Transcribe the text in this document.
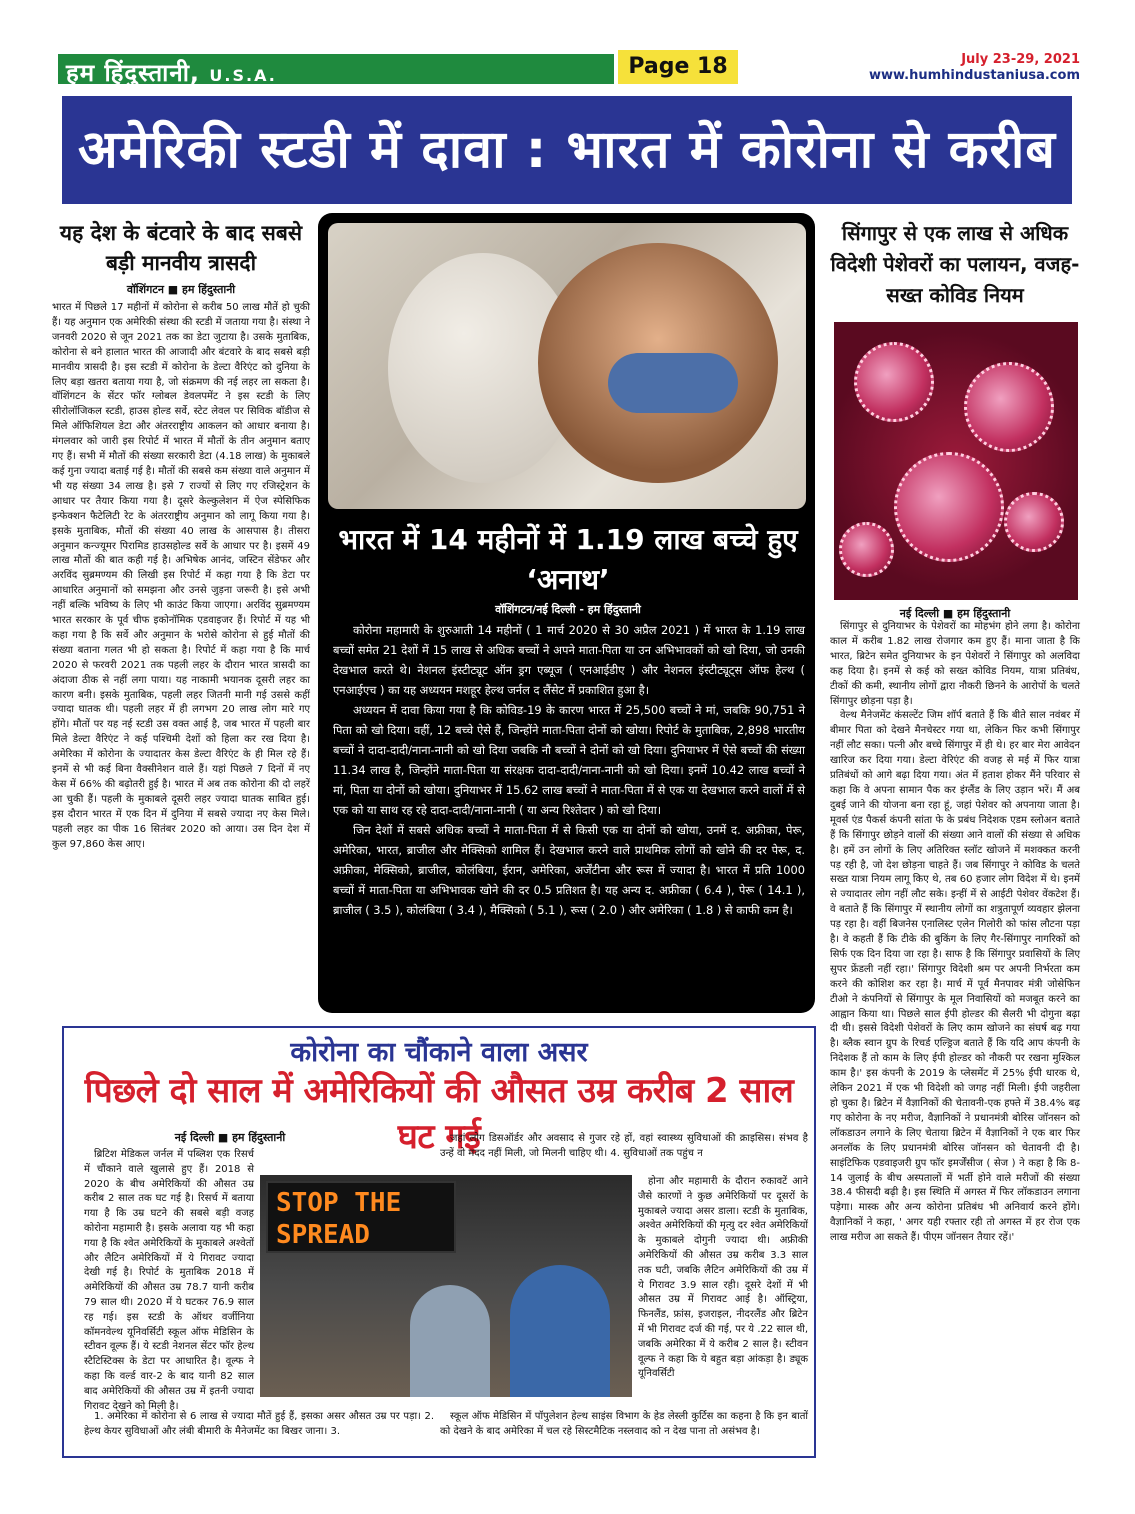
हम हिंदुस्तानी, U.S.A.	Page 18	July 23-29, 2021
www.humhindustaniusa.com
अमेरिकी स्टडी में दावा : भारत में कोरोना से करीब
यह देश के बंटवारे के बाद सबसे बड़ी मानवीय त्रासदी
वॉशिंगटन ■ हम हिंदुस्तानी

भारत में पिछले 17 महीनों में कोरोना से करीब 50 लाख मौतें हो चुकी हैं। यह अनुमान एक अमेरिकी संस्था की स्टडी में जताया गया है। संस्था ने जनवरी 2020 से जून 2021 तक का डेटा जुटाया है। उसके मुताबिक, कोरोना से बने हालात भारत की आजादी और बंटवारे के बाद सबसे बड़ी मानवीय त्रासदी है। इस स्टडी में कोरोना के डेल्टा वैरिएंट को दुनिया के लिए बड़ा खतरा बताया गया है, जो संक्रमण की नई लहर ला सकता है। वॉशिंगटन के सेंटर फॉर ग्लोबल डेवलपमेंट ने इस स्टडी के लिए सीरोलॉजिकल स्टडी, हाउस होल्ड सर्वे, स्टेट लेवल पर सिविक बॉडीज से मिले ऑफिशियल डेटा और अंतरराष्ट्रीय आकलन को आधार बनाया है। मंगलवार को जारी इस रिपोर्ट में भारत में मौतों के तीन अनुमान बताए गए हैं। सभी में मौतों की संख्या सरकारी डेटा (4.18 लाख) के मुकाबले कई गुना ज्यादा बताई गई है। मौतों की सबसे कम संख्या वाले अनुमान में भी यह संख्या 34 लाख है। इसे 7 राज्यों से लिए गए रजिस्ट्रेशन के आधार पर तैयार किया गया है। दूसरे केल्कुलेशन में ऐज स्पेसिफिक इन्फेक्शन फैटेलिटी रेट के अंतरराष्ट्रीय अनुमान को लागू किया गया है। इसके मुताबिक, मौतों की संख्या 40 लाख के आसपास है। तीसरा अनुमान कन्ज्यूमर पिरामिड हाउसहोल्ड सर्वे के आधार पर है। इसमें 49 लाख मौतों की बात कही गई है। अभिषेक आनंद, जस्टिन सेंडेफर और अरविंद सुब्रमण्यम की लिखी इस रिपोर्ट में कहा गया है कि डेटा पर आधारित अनुमानों को समझना और उनसे जुड़ना जरूरी है। इसे अभी नहीं बल्कि भविष्य के लिए भी काउंट किया जाएगा। अरविंद सुब्रमण्यम भारत सरकार के पूर्व चीफ इकोनॉमिक एडवाइजर हैं। रिपोर्ट में यह भी कहा गया है कि सर्वे और अनुमान के भरोसे कोरोना से हुई मौतों की संख्या बताना गलत भी हो सकता है। रिपोर्ट में कहा गया है कि मार्च 2020 से फरवरी 2021 तक पहली लहर के दौरान भारत त्रासदी का अंदाजा ठीक से नहीं लगा पाया। यह नाकामी भयानक दूसरी लहर का कारण बनी। इसके मुताबिक, पहली लहर जितनी मानी गई उससे कहीं ज्यादा घातक थी। पहली लहर में ही लगभग 20 लाख लोग मारे गए होंगे। मौतों पर यह नई स्टडी उस वक्त आई है, जब भारत में पहली बार मिले डेल्टा वैरिएंट ने कई पश्चिमी देशों को हिला कर रख दिया है। अमेरिका में कोरोना के ज्यादातर केस डेल्टा वैरिएंट के ही मिल रहे हैं। इनमें से भी कई बिना वैक्सीनेशन वाले हैं। यहां पिछले 7 दिनों में नए केस में 66% की बढ़ोतरी हुई है। भारत में अब तक कोरोना की दो लहरें आ चुकी हैं। पहली के मुकाबले दूसरी लहर ज्यादा घातक साबित हुई। इस दौरान भारत में एक दिन में दुनिया में सबसे ज्यादा नए केस मिले। पहली लहर का पीक 16 सितंबर 2020 को आया। उस दिन देश में कुल 97,860 केस आए।

भारत में 14 महीनों में 1.19 लाख बच्चे हुए ‘अनाथ’
वॉशिंगटन/नई दिल्ली - हम हिंदुस्तानी

कोरोना महामारी के शुरुआती 14 महीनों ( 1 मार्च 2020 से 30 अप्रैल 2021 ) में भारत के 1.19 लाख बच्चों समेत 21 देशों में 15 लाख से अधिक बच्चों ने अपने माता-पिता या उन अभिभावकों को खो दिया, जो उनकी देखभाल करते थे। नेशनल इंस्टीट्यूट ऑन ड्रग एब्यूज ( एनआईडीए ) और नेशनल इंस्टीट्यूट्स ऑफ हेल्थ ( एनआईएच ) का यह अध्ययन मशहूर हेल्थ जर्नल द लैंसेट में प्रकाशित हुआ है।

अध्ययन में दावा किया गया है कि कोविड-19 के कारण भारत में 25,500 बच्चों ने मां, जबकि 90,751 ने पिता को खो दिया। वहीं, 12 बच्चे ऐसे हैं, जिन्होंने माता-पिता दोनों को खोया। रिपोर्ट के मुताबिक, 2,898 भारतीय बच्चों ने दादा-दादी/नाना-नानी को खो दिया जबकि नौ बच्चों ने दोनों को खो दिया। दुनियाभर में ऐसे बच्चों की संख्या 11.34 लाख है, जिन्होंने माता-पिता या संरक्षक दादा-दादी/नाना-नानी को खो दिया। इनमें 10.42 लाख बच्चों ने मां, पिता या दोनों को खोया। दुनियाभर में 15.62 लाख बच्चों ने माता-पिता में से एक या देखभाल करने वालों में से एक को या साथ रह रहे दादा-दादी/नाना-नानी ( या अन्य रिश्तेदार ) को खो दिया।

जिन देशों में सबसे अधिक बच्चों ने माता-पिता में से किसी एक या दोनों को खोया, उनमें द. अफ्रीका, पेरू, अमेरिका, भारत, ब्राजील और मेक्सिको शामिल हैं। देखभाल करने वाले प्राथमिक लोगों को खोने की दर पेरू, द. अफ्रीका, मेक्सिको, ब्राजील, कोलंबिया, ईरान, अमेरिका, अर्जेंटीना और रूस में ज्यादा है। भारत में प्रति 1000 बच्चों में माता-पिता या अभिभावक खोने की दर 0.5 प्रतिशत है। यह अन्य द. अफ्रीका ( 6.4 ), पेरू ( 14.1 ), ब्राजील ( 3.5 ), कोलंबिया ( 3.4 ), मैक्सिको ( 5.1 ), रूस ( 2.0 ) और अमेरिका ( 1.8 ) से काफी कम है।

सिंगापुर से एक लाख से अधिक विदेशी पेशेवरों का पलायन, वजह-सख्त कोविड नियम
नई दिल्ली ■ हम हिंदुस्तानी

सिंगापुर से दुनियाभर के पेशेवरों का मोहभंग होने लगा है। कोरोना काल में करीब 1.82 लाख रोजगार कम हुए हैं। माना जाता है कि भारत, ब्रिटेन समेत दुनियाभर के इन पेशेवरों ने सिंगापुर को अलविदा कह दिया है। इनमें से कई को सख्त कोविड नियम, यात्रा प्रतिबंध, टीकों की कमी, स्थानीय लोगों द्वारा नौकरी छिनने के आरोपों के चलते सिंगापुर छोड़ना पड़ा है।

वेल्थ मैनेजमेंट कंसल्टेंट जिम शॉर्प बताते हैं कि बीते साल नवंबर में बीमार पिता को देखने मैनचेस्टर गया था, लेकिन फिर कभी सिंगापुर नहीं लौट सका। पत्नी और बच्चे सिंगापुर में ही थे। हर बार मेरा आवेदन खारिज कर दिया गया। डेल्टा वेरिएंट की वजह से मई में फिर यात्रा प्रतिबंधों को आगे बढ़ा दिया गया। अंत में हताश होकर मैंने परिवार से कहा कि वे अपना सामान पैक कर इंग्लैंड के लिए उड़ान भरें। मैं अब दुबई जाने की योजना बना रहा हूं, जहां पेशेवर को अपनाया जाता है। मूवर्स एंड पैकर्स कंपनी सांता फे के प्रबंध निदेशक एडम स्लोअन बताते हैं कि सिंगापुर छोड़ने वालों की संख्या आने वालों की संख्या से अधिक है। हमें उन लोगों के लिए अतिरिक्त स्लॉट खोजने में मशक्कत करनी पड़ रही है, जो देश छोड़ना चाहते हैं। जब सिंगापुर ने कोविड के चलते सख्त यात्रा नियम लागू किए थे, तब 60 हजार लोग विदेश में थे। इनमें से ज्यादातर लोग नहीं लौट सके। इन्हीं में से आईटी पेशेवर वेंकटेश हैं। वे बताते हैं कि सिंगापुर में स्थानीय लोगों का शत्रुतापूर्ण व्यवहार झेलना पड़ रहा है। वहीं बिजनेस एनालिस्ट एलेन गिलोरी को फांस लौटना पड़ा है। वे कहती हैं कि टीके की बुकिंग के लिए गैर-सिंगापुर नागरिकों को सिर्फ एक दिन दिया जा रहा है। साफ है कि सिंगापुर प्रवासियों के लिए सुपर फ्रेंडली नहीं रहा।' सिंगापुर विदेशी श्रम पर अपनी निर्भरता कम करने की कोशिश कर रहा है। मार्च में पूर्व मैनपावर मंत्री जोसेफिन टीओ ने कंपनियों से सिंगापुर के मूल निवासियों को मजबूत करने का आह्वान किया था। पिछले साल ईपी होल्डर की सैलरी भी दोगुना बढ़ा दी थी। इससे विदेशी पेशेवरों के लिए काम खोजने का संघर्ष बढ़ गया है। ब्लैक स्वान ग्रुप के रिचर्ड एल्ड्रिज बताते हैं कि यदि आप कंपनी के निदेशक हैं तो काम के लिए ईपी होल्डर को नौकरी पर रखना मुश्किल काम है।' इस कंपनी के 2019 के प्लेसमेंट में 25% ईपी धारक थे, लेकिन 2021 में एक भी विदेशी को जगह नहीं मिली। ईपी जहरीला हो चुका है। ब्रिटेन में वैज्ञानिकों की चेतावनी-एक हफ्ते में 38.4% बढ़ गए कोरोना के नए मरीज, वैज्ञानिकों ने प्रधानमंत्री बोरिस जॉनसन को लॉकडाउन लगाने के लिए चेताया ब्रिटेन में वैज्ञानिकों ने एक बार फिर अनलॉक के लिए प्रधानमंत्री बोरिस जॉनसन को चेतावनी दी है। साइंटिफिक एडवाइजरी ग्रुप फॉर इमर्जेंसीज ( सेज ) ने कहा है कि 8-14 जुलाई के बीच अस्पतालों में भर्ती होने वाले मरीजों की संख्या 38.4 फीसदी बढ़ी है। इस स्थिति में अगस्त में फिर लॉकडाउन लगाना पड़ेगा। मास्क और अन्य कोरोना प्रतिबंध भी अनिवार्य करने होंगे। वैज्ञानिकों ने कहा, ' अगर यही रफ्तार रही तो अगस्त में हर रोज एक लाख मरीज आ सकते हैं। पीएम जॉनसन तैयार रहें।'

कोरोना का चौंकाने वाला असर
पिछले दो साल में अमेरिकियों की औसत उम्र करीब 2 साल घट गई
नई दिल्ली ■ हम हिंदुस्तानी
STOP THE SPREAD

ब्रिटिश मेडिकल जर्नल में पब्लिश एक रिसर्च में चौंकाने वाले खुलासे हुए हैं। 2018 से 2020 के बीच अमेरिकियों की औसत उम्र करीब 2 साल तक घट गई है। रिसर्च में बताया गया है कि उम्र घटने की सबसे बड़ी वजह कोरोना महामारी है। इसके अलावा यह भी कहा गया है कि श्वेत अमेरिकियों के मुकाबले अश्वेतों और लैटिन अमेरिकियों में ये गिरावट ज्यादा देखी गई है। रिपोर्ट के मुताबिक 2018 में अमेरिकियों की औसत उम्र 78.7 यानी करीब 79 साल थी। 2020 में ये घटकर 76.9 साल रह गई। इस स्टडी के ऑथर वर्जीनिया कॉमनवेल्थ यूनिवर्सिटी स्कूल ऑफ मेडिसिन के स्टीवन वूल्फ हैं। ये स्टडी नेशनल सेंटर फॉर हेल्थ स्टैटिस्टिक्स के डेटा पर आधारित है। वूल्फ ने कहा कि वर्ल्ड वार-2 के बाद यानी 82 साल बाद अमेरिकियों की औसत उम्र में इतनी ज्यादा गिरावट देखने को मिली है।

1. अमेरिका में कोरोना से 6 लाख से ज्यादा मौतें हुई हैं, इसका असर औसत उम्र पर पड़ा। 2. हेल्थ केयर सुविधाओं और लंबी बीमारी के मैनेजमेंट का बिखर जाना। 3.

जहां लोग डिसऑर्डर और अवसाद से गुजर रहे हों, वहां स्वास्थ्य सुविधाओं की क्राइसिस। संभव है उन्हें वो मदद नहीं मिली, जो मिलनी चाहिए थी। 4. सुविधाओं तक पहुंच न

होना और महामारी के दौरान रुकावटें आने जैसे कारणों ने कुछ अमेरिकियों पर दूसरों के मुकाबले ज्यादा असर डाला। स्टडी के मुताबिक, अश्वेत अमेरिकियों की मृत्यु दर श्वेत अमेरिकियों के मुकाबले दोगुनी ज्यादा थी। अफ्रीकी अमेरिकियों की औसत उम्र करीब 3.3 साल तक घटी, जबकि लैटिन अमेरिकियों की उम्र में ये गिरावट 3.9 साल रही। दूसरे देशों में भी औसत उम्र में गिरावट आई है। ऑस्ट्रिया, फिनलैंड, फ्रांस, इजराइल, नीदरलैंड और ब्रिटेन में भी गिरावट दर्ज की गई, पर ये .22 साल थी, जबकि अमेरिका में ये करीब 2 साल है। स्टीवन वूल्फ ने कहा कि ये बहुत बड़ा आंकड़ा है। ड्यूक यूनिवर्सिटी

स्कूल ऑफ मेडिसिन में पॉपुलेशन हेल्थ साइंस विभाग के हेड लेस्ली कुर्टिस का कहना है कि इन बातों को देखने के बाद अमेरिका में चल रहे सिस्टमैटिक नस्लवाद को न देख पाना तो असंभव है।
